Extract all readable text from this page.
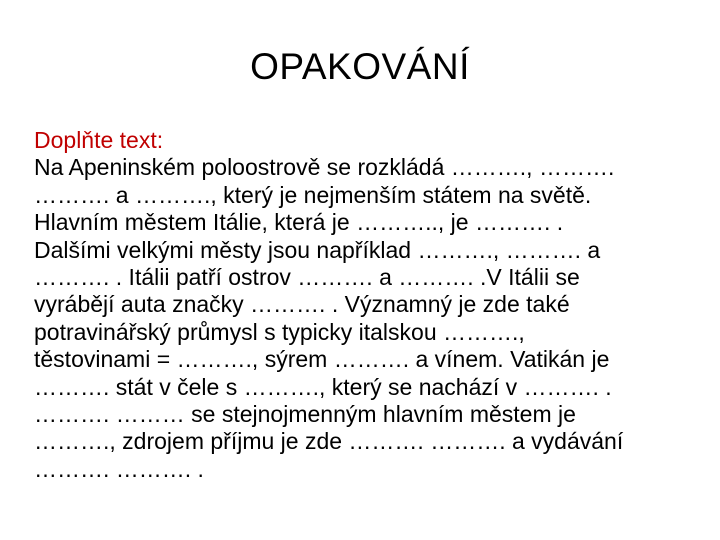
OPAKOVÁNÍ
Doplňte text:
Na Apeninském poloostrově se rozkládá ………., ……….
………. a ………., který je nejmenším státem na světě.
Hlavním městem Itálie, která je ……….., je ………. .
Dalšími velkými městy jsou například ………., ………. a
………. . Itálii patří ostrov ………. a ………. .V Itálii se
vyrábějí auta značky ………. . Významný je zde také
potravinářský průmysl s typicky italskou ……….,
těstovinami = ………., sýrem ………. a vínem. Vatikán je
………. stát v čele s ………., který se nachází v ………. .
………. ……… se stejnojmenným hlavním městem je
………., zdrojem příjmu je zde ………. ………. a vydávání
………. ………. .
